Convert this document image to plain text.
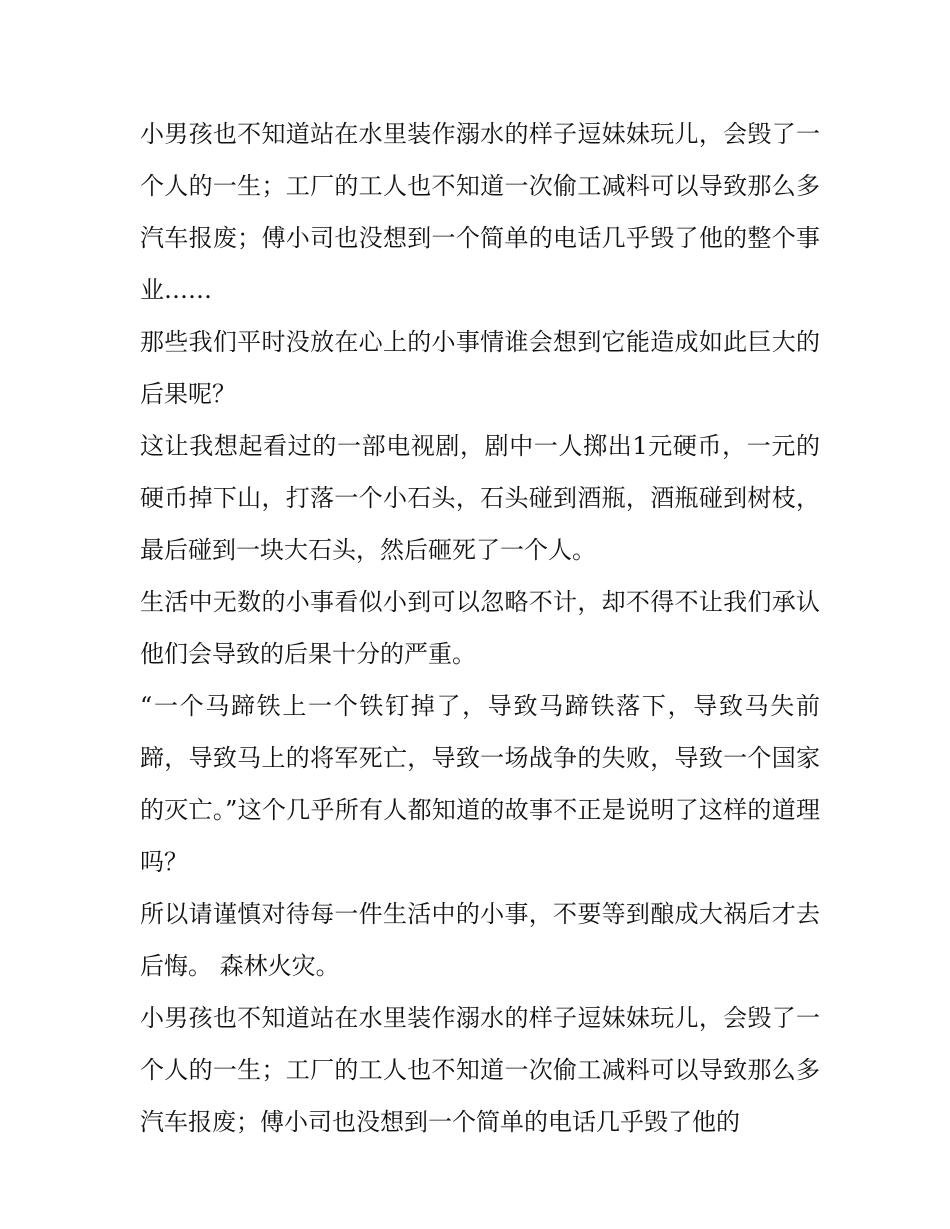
小男孩也不知道站在水里装作溺水的样子逗妹妹玩儿，会毁了一个人的一生；工厂的工人也不知道一次偷工减料可以导致那么多汽车报废；傅小司也没想到一个简单的电话几乎毁了他的整个事业……

那些我们平时没放在心上的小事情谁会想到它能造成如此巨大的后果呢？

这让我想起看过的一部电视剧，剧中一人掷出1元硬币，一元的硬币掉下山，打落一个小石头，石头碰到酒瓶，酒瓶碰到树枝，最后碰到一块大石头，然后砸死了一个人。

生活中无数的小事看似小到可以忽略不计，却不得不让我们承认他们会导致的后果十分的严重。

“一个马蹄铁上一个铁钉掉了，导致马蹄铁落下，导致马失前蹄，导致马上的将军死亡，导致一场战争的失败，导致一个国家的灭亡。”这个几乎所有人都知道的故事不正是说明了这样的道理吗？

所以请谨慎对待每一件生活中的小事，不要等到酿成大祸后才去后悔。 森林火灾。

小男孩也不知道站在水里装作溺水的样子逗妹妹玩儿，会毁了一个人的一生；工厂的工人也不知道一次偷工减料可以导致那么多汽车报废；傅小司也没想到一个简单的电话几乎毁了他的
